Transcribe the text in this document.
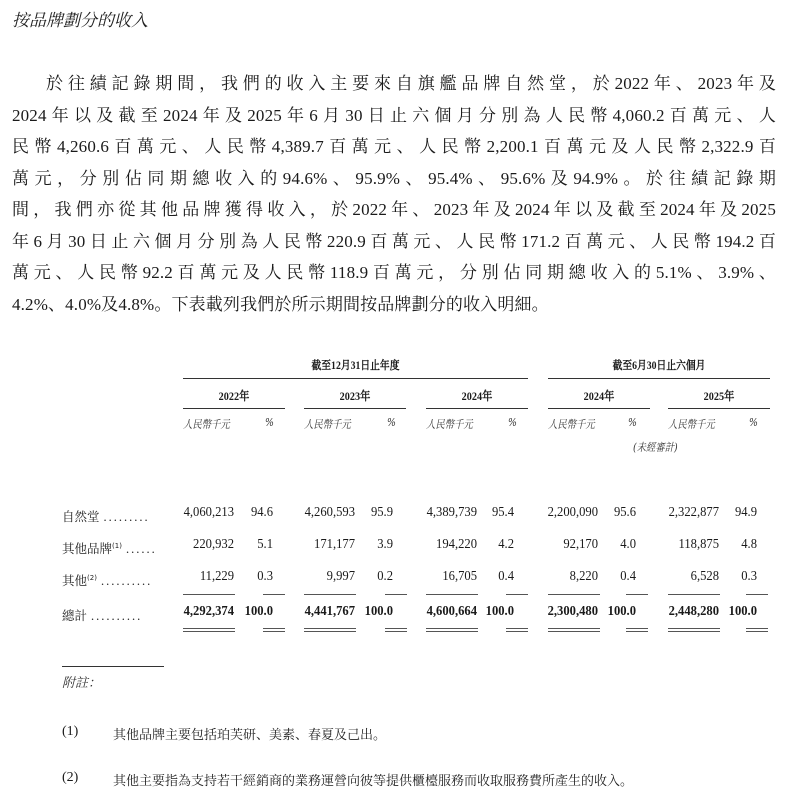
按品牌劃分的收入
於往績記錄期間，我們的收入主要來自旗艦品牌自然堂，於2022年、2023年及
2024年以及截至2024年及2025年6月30日止六個月分別為人民幣4,060.2百萬元、人
民幣4,260.6百萬元、人民幣4,389.7百萬元、人民幣2,200.1百萬元及人民幣2,322.9百
萬元，分別佔同期總收入的94.6%、95.9%、95.4%、95.6%及94.9%。於往績記錄期
間，我們亦從其他品牌獲得收入，於2022年、2023年及2024年以及截至2024年及2025
年6月30日止六個月分別為人民幣220.9百萬元、人民幣171.2百萬元、人民幣194.2百
萬元、人民幣92.2百萬元及人民幣118.9百萬元，分別佔同期總收入的5.1%、3.9%、
4.2%、4.0%及4.8%。下表載列我們於所示期間按品牌劃分的收入明細。
截至12月31日止年度	截至6月30日止六個月
2022年	2023年	2024年	2024年	2025年
人民幣千元	%	人民幣千元	%	人民幣千元	%	人民幣千元	%	人民幣千元	%
(未經審計)
自然堂 .........	4,060,213	94.6	4,260,593	95.9	4,389,739	95.4	2,200,090	95.6	2,322,877	94.9
其他品牌$^{(1)}$ ......	220,932	5.1	171,177	3.9	194,220	4.2	92,170	4.0	118,875	4.8
其他$^{(2)}$ ..........	11,229	0.3	9,997	0.2	16,705	0.4	8,220	0.4	6,528	0.3
總計 ..........	4,292,374 100.0	4,441,767 100.0	4,600,664 100.0	2,300,480 100.0	2,448,280 100.0
附註：
(1)	其他品牌主要包括珀芙研、美素、春夏及己出。
(2)	其他主要指為支持若干經銷商的業務運營向彼等提供櫃檯服務而收取服務費所產生的收入。
